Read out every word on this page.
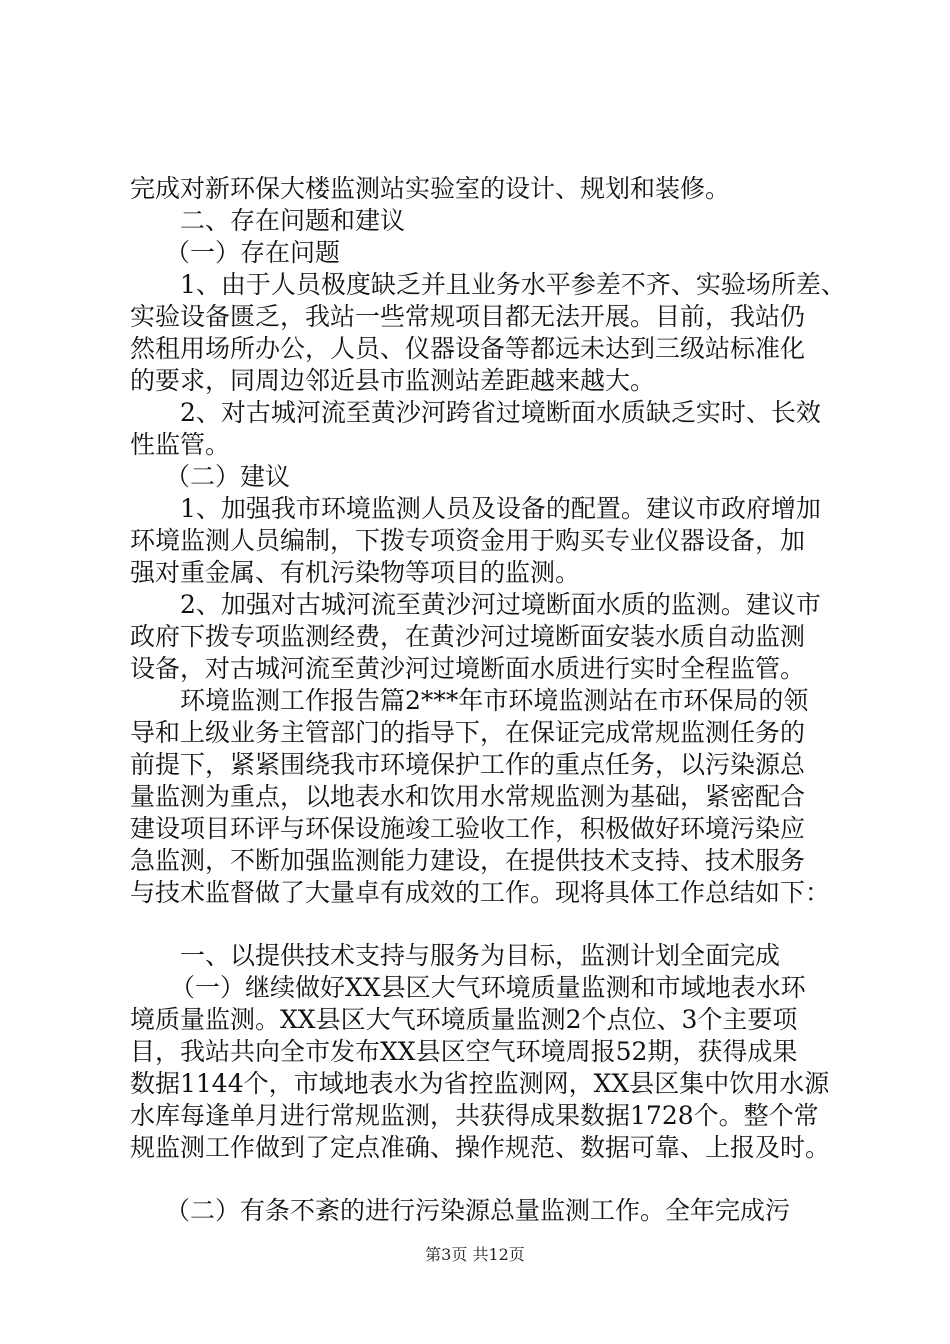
完成对新环保大楼监测站实验室的设计、规划和装修。
二、存在问题和建议
（一）存在问题
1、由于人员极度缺乏并且业务水平参差不齐、实验场所差、
实验设备匮乏，我站一些常规项目都无法开展。目前，我站仍
然租用场所办公，人员、仪器设备等都远未达到三级站标准化
的要求，同周边邻近县市监测站差距越来越大。
2、对古城河流至黄沙河跨省过境断面水质缺乏实时、长效
性监管。
（二）建议
1、加强我市环境监测人员及设备的配置。建议市政府增加
环境监测人员编制，下拨专项资金用于购买专业仪器设备，加
强对重金属、有机污染物等项目的监测。
2、加强对古城河流至黄沙河过境断面水质的监测。建议市
政府下拨专项监测经费，在黄沙河过境断面安装水质自动监测
设备，对古城河流至黄沙河过境断面水质进行实时全程监管。
环境监测工作报告篇2***年市环境监测站在市环保局的领
导和上级业务主管部门的指导下，在保证完成常规监测任务的
前提下，紧紧围绕我市环境保护工作的重点任务，以污染源总
量监测为重点，以地表水和饮用水常规监测为基础，紧密配合
建设项目环评与环保设施竣工验收工作，积极做好环境污染应
急监测，不断加强监测能力建设，在提供技术支持、技术服务
与技术监督做了大量卓有成效的工作。现将具体工作总结如下：
一、以提供技术支持与服务为目标，监测计划全面完成
（一）继续做好XX县区大气环境质量监测和市域地表水环
境质量监测。XX县区大气环境质量监测2个点位、3个主要项
目，我站共向全市发布XX县区空气环境周报52期，获得成果
数据1144个，市域地表水为省控监测网，XX县区集中饮用水源
水库每逢单月进行常规监测，共获得成果数据1728个。整个常
规监测工作做到了定点准确、操作规范、数据可靠、上报及时。
（二）有条不紊的进行污染源总量监测工作。全年完成污
第3页 共12页
